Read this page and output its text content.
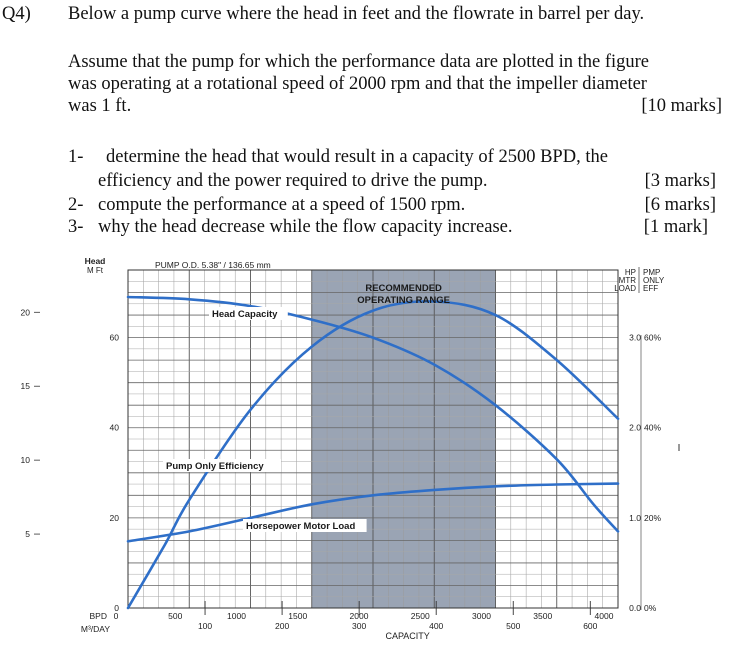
Q4) Below a pump curve where the head in feet and the flowrate in barrel per day.
Assume that the pump for which the performance data are plotted in the figure
was operating at a rotational speed of 2000 rpm and that the impeller diameter
was 1 ft.	[10 marks]
1- determine the head that would result in a capacity of 2500 BPD, the
efficiency and the power required to drive the pump.	[3 marks]
2- compute the performance at a speed of 1500 rpm.	[6 marks]
3- why the head decrease while the flow capacity increase.	[1 mark]
RECOMMENDED
OPERATING RANGE
Head Capacity
Pump Only Efficiency
Horsepower Motor Load
PUMP O.D. 5.38" / 136.65 mm
Head
M Ft	HP PMP
MTR ONLY
LOAD EFF
0
20
40
60
5
10
15
20
0.0
1.0
2.0
3.0
0%
20%
40%
60%
BPD
M³/DAY
0	500	1000	1500	2000	2500	3000	3500	4000
100	200	300	400	500	600
CAPACITY
